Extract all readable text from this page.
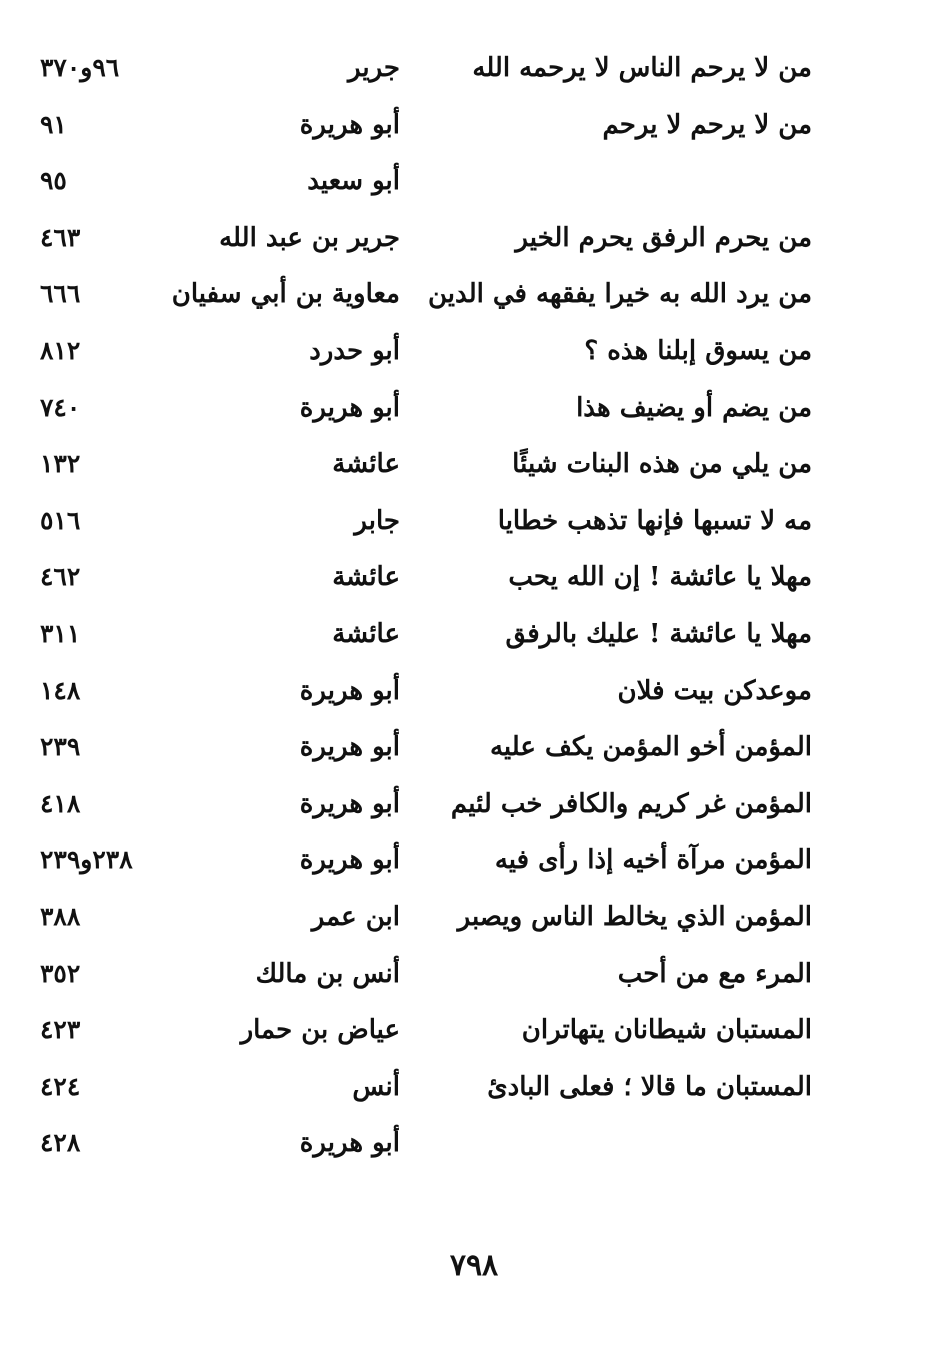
من لا يرحم الناس لا يرحمه الله
جرير
٩٦و٣٧٠
من لا يرحم لا يرحم
أبو هريرة
٩١
أبو سعيد
٩٥
من يحرم الرفق يحرم الخير
جرير بن عبد الله
٤٦٣
من يرد الله به خيرا يفقهه في الدين
معاوية بن أبي سفيان
٦٦٦
من يسوق إبلنا هذه ؟
أبو حدرد
٨١٢
من يضم أو يضيف هذا
أبو هريرة
٧٤٠
من يلي من هذه البنات شيئًا
عائشة
١٣٢
مه لا تسبها فإنها تذهب خطايا
جابر
٥١٦
مهلا يا عائشة ! إن الله يحب
عائشة
٤٦٢
مهلا يا عائشة ! عليك بالرفق
عائشة
٣١١
موعدكن بيت فلان
أبو هريرة
١٤٨
المؤمن أخو المؤمن يكف عليه
أبو هريرة
٢٣٩
المؤمن غر كريم والكافر خب لئيم
أبو هريرة
٤١٨
المؤمن مرآة أخيه إذا رأى فيه
أبو هريرة
٢٣٨و٢٣٩
المؤمن الذي يخالط الناس ويصبر
ابن عمر
٣٨٨
المرء مع من أحب
أنس بن مالك
٣٥٢
المستبان شيطانان يتهاتران
عياض بن حمار
٤٢٣
المستبان ما قالا ؛ فعلى البادئ
أنس
٤٢٤
أبو هريرة
٤٢٨
٧٩٨
